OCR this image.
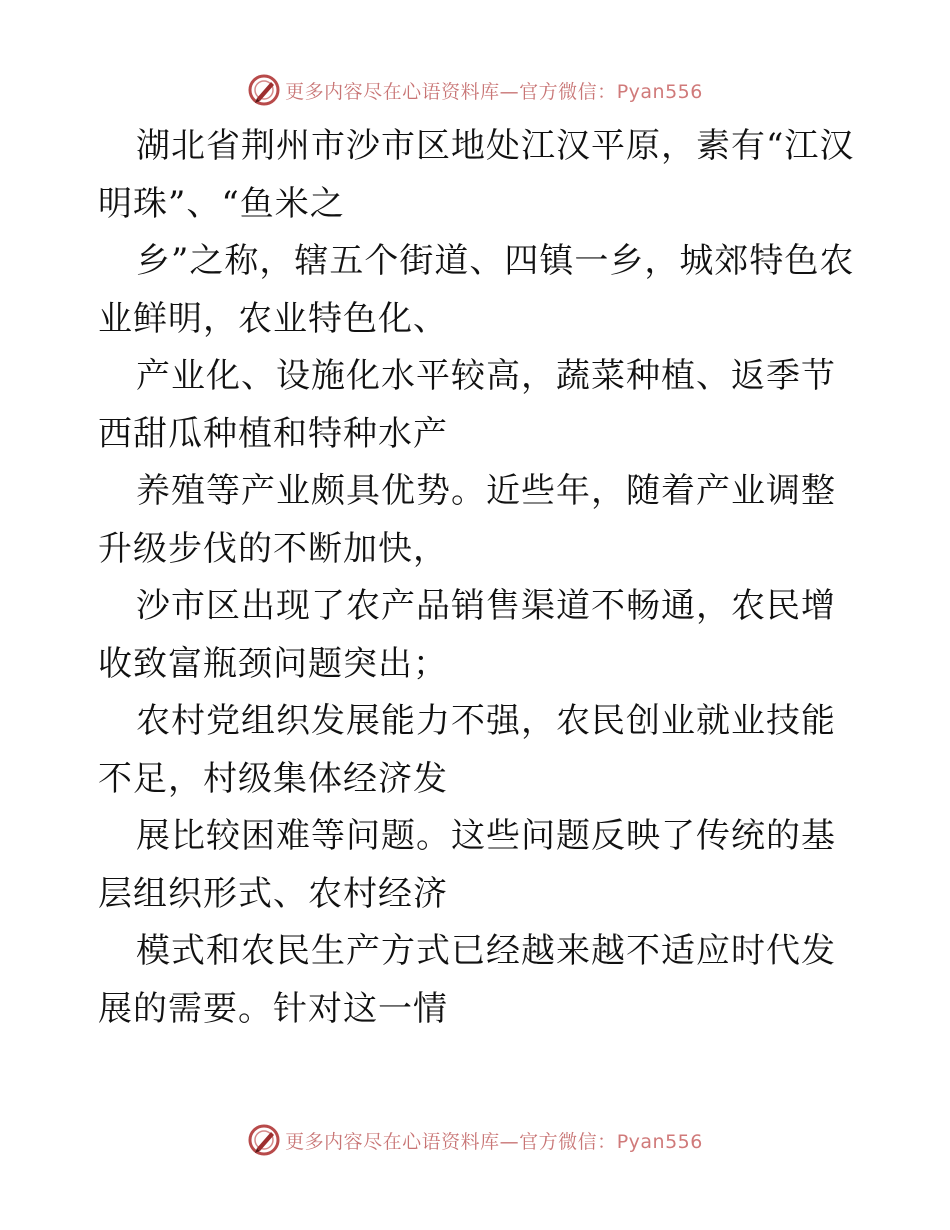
更多内容尽在心语资料库—官方微信：Pyan556

湖北省荆州市沙市区地处江汉平原，素有“江汉明珠”、“鱼米之

乡”之称，辖五个街道、四镇一乡，城郊特色农业鲜明，农业特色化、

产业化、设施化水平较高，蔬菜种植、返季节西甜瓜种植和特种水产

养殖等产业颇具优势。近些年，随着产业调整升级步伐的不断加快，

沙市区出现了农产品销售渠道不畅通，农民增收致富瓶颈问题突出；

农村党组织发展能力不强，农民创业就业技能不足，村级集体经济发

展比较困难等问题。这些问题反映了传统的基层组织形式、农村经济

模式和农民生产方式已经越来越不适应时代发展的需要。针对这一情

更多内容尽在心语资料库—官方微信：Pyan556
